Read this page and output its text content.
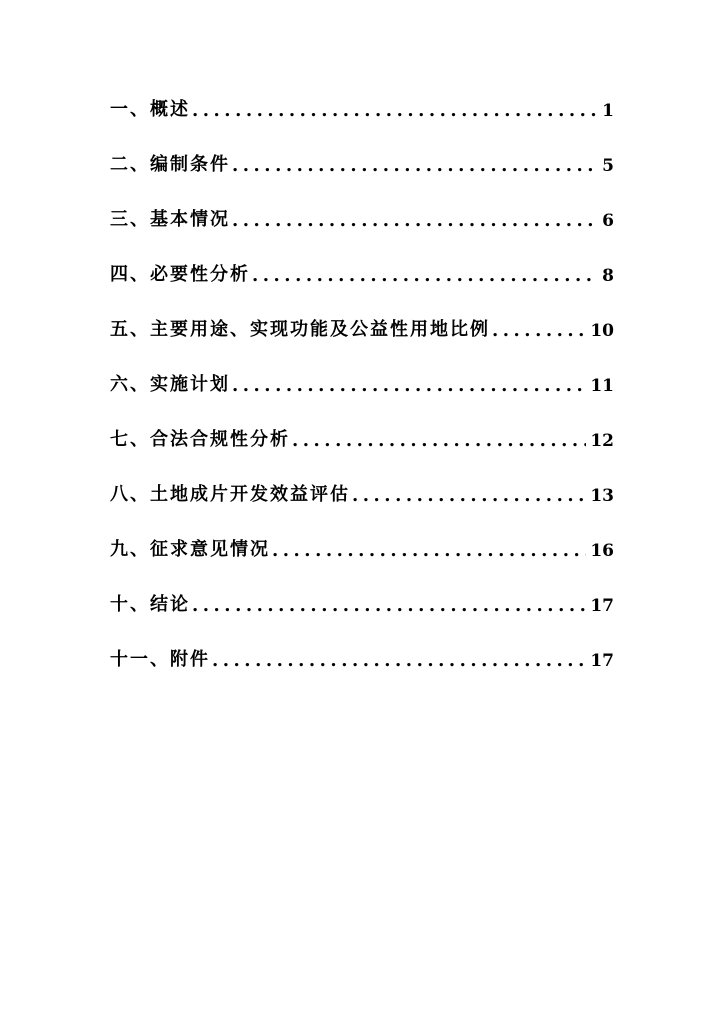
一、概述 .....	1
二、编制条件 .....	5
三、基本情况 .....	6
四、必要性分析 .....	8
五、主要用途、实现功能及公益性用地比例 .....	10
六、实施计划 .....	11
七、合法合规性分析 .....	12
八、土地成片开发效益评估 .....	13
九、征求意见情况 .....	16
十、结论 .....	17
十一、附件 .....	17
